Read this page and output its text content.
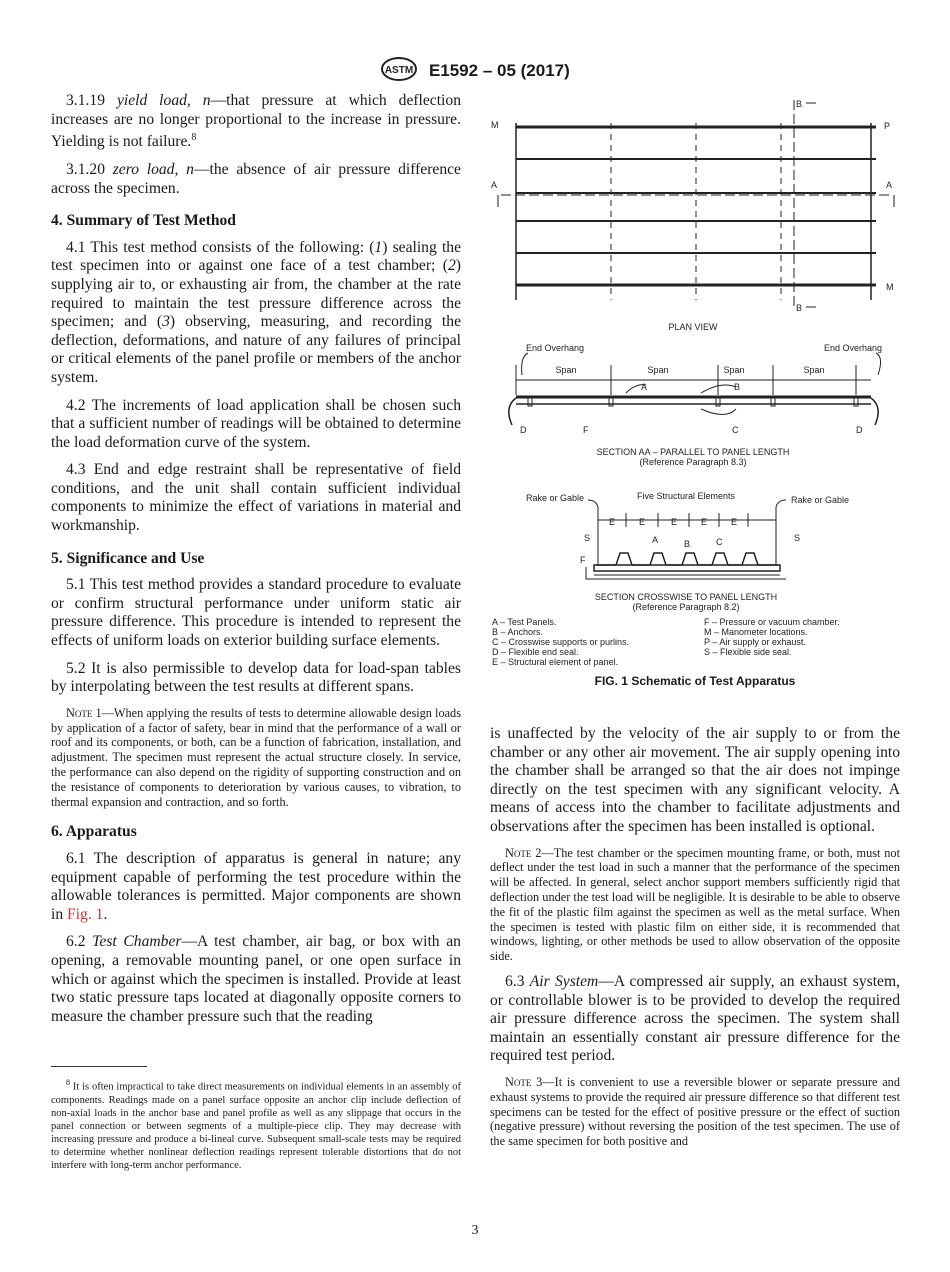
ASTM E1592 – 05 (2017)

3.1.19 yield load, n—that pressure at which deflection increases are no longer proportional to the increase in pressure. Yielding is not failure.$^8$

3.1.20 zero load, n—the absence of air pressure difference across the specimen.

4. Summary of Test Method

4.1 This test method consists of the following: (1) sealing the test specimen into or against one face of a test chamber; (2) supplying air to, or exhausting air from, the chamber at the rate required to maintain the test pressure difference across the specimen; and (3) observing, measuring, and recording the deflection, deformations, and nature of any failures of principal or critical elements of the panel profile or members of the anchor system.

4.2 The increments of load application shall be chosen such that a sufficient number of readings will be obtained to determine the load deformation curve of the system.

4.3 End and edge restraint shall be representative of field conditions, and the unit shall contain sufficient individual components to minimize the effect of variations in material and workmanship.

5. Significance and Use

5.1 This test method provides a standard procedure to evaluate or confirm structural performance under uniform static air pressure difference. This procedure is intended to represent the effects of uniform loads on exterior building surface elements.

5.2 It is also permissible to develop data for load-span tables by interpolating between the test results at different spans.

Note 1—When applying the results of tests to determine allowable design loads by application of a factor of safety, bear in mind that the performance of a wall or roof and its components, or both, can be a function of fabrication, installation, and adjustment. The specimen must represent the actual structure closely. In service, the performance can also depend on the rigidity of supporting construction and on the resistance of components to deterioration by various causes, to vibration, to thermal expansion and contraction, and so forth.

6. Apparatus

6.1 The description of apparatus is general in nature; any equipment capable of performing the test procedure within the allowable tolerances is permitted. Major components are shown in Fig. 1.

6.2 Test Chamber—A test chamber, air bag, or box with an opening, a removable mounting panel, or one open surface in which or against which the specimen is installed. Provide at least two static pressure taps located at diagonally opposite corners to measure the chamber pressure such that the reading

$^8$ It is often impractical to take direct measurements on individual elements in an assembly of components. Readings made on a panel surface opposite an anchor clip include deflection of non-axial loads in the anchor base and panel profile as well as any slippage that occurs in the panel connection or between segments of a multiple-piece clip. They may decrease with increasing pressure and produce a bi-lineal curve. Subsequent small-scale tests may be required to determine whether nonlinear deflection readings represent tolerable distortions that do not interfere with long-term anchor performance.
B
B
M
M
P
A	A
PLAN VIEW
End Overhang	End Overhang
Span	Span	Span	Span
A	B
C
D	D
F
SECTION AA – PARALLEL TO PANEL LENGTH
(Reference Paragraph 8.3)
Rake or Gable	Five Structural Elements	Rake or Gable
E	E	E	E	E
S	S
A	B	C
F
SECTION CROSSWISE TO PANEL LENGTH
(Reference Paragraph 8.2)
A – Test Panels.
B – Anchors.
C – Crosswise supports or purlins.
D – Flexible end seal.
E – Structural element of panel.
F – Pressure or vacuum chamber.
M – Manometer locations.
P – Air supply or exhaust.
S – Flexible side seal.
FIG. 1 Schematic of Test Apparatus

is unaffected by the velocity of the air supply to or from the chamber or any other air movement. The air supply opening into the chamber shall be arranged so that the air does not impinge directly on the test specimen with any significant velocity. A means of access into the chamber to facilitate adjustments and observations after the specimen has been installed is optional.

Note 2—The test chamber or the specimen mounting frame, or both, must not deflect under the test load in such a manner that the performance of the specimen will be affected. In general, select anchor support members sufficiently rigid that deflection under the test load will be negligible. It is desirable to be able to observe the fit of the plastic film against the specimen as well as the metal surface. When the specimen is tested with plastic film on either side, it is recommended that windows, lighting, or other methods be used to allow observation of the opposite side.

6.3 Air System—A compressed air supply, an exhaust system, or controllable blower is to be provided to develop the required air pressure difference across the specimen. The system shall maintain an essentially constant air pressure difference for the required test period.

Note 3—It is convenient to use a reversible blower or separate pressure and exhaust systems to provide the required air pressure difference so that different test specimens can be tested for the effect of positive pressure or the effect of suction (negative pressure) without reversing the position of the test specimen. The use of the same specimen for both positive and

3
